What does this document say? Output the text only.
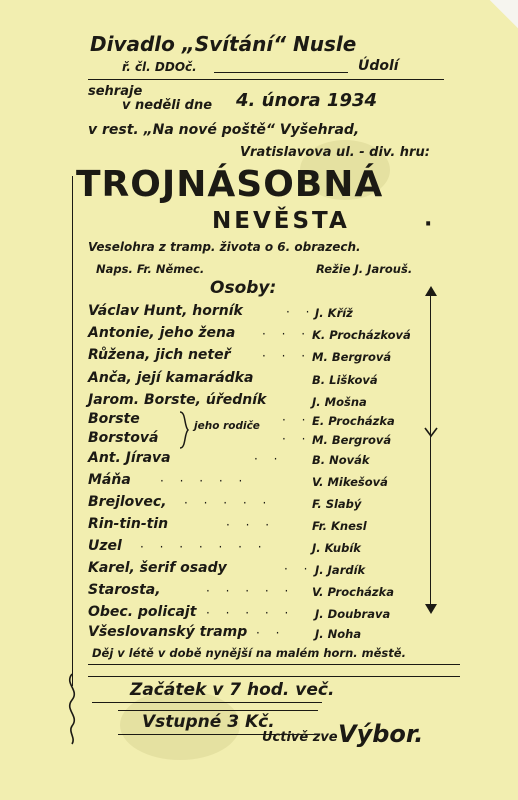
Divadlo „Svítání“ Nusle
ř. čl. DDOč.	Údolí
sehraje
v neděli dne 4. února 1934
v rest. „Na nové poště“ Vyšehrad,
Vratislavova ul. - div. hru:
TROJNÁSOBNÁ
NEVĚSTA	·
Veselohra z tramp. života o 6. obrazech.
Naps. Fr. Němec.	Režie J. Jarouš.
Osoby:
Václav Hunt, horník	· · J. Kříž
Antonie, jeho žena · · · K. Procházková
Růžena, jich neteř	· · · M. Bergrová
Anča, její kamarádka	B. Lišková
Jarom. Borste, úředník	J. Mošna
Borste	· · E. Procházka
Borstová	· · M. Bergrová
jeho rodiče
Ant. Jírava	· · B. Novák
Máňa · · · · ·	V. Mikešová
Brejlovec, · · · · ·	F. Slabý
Rin-tin-tin	· · ·	Fr. Knesl
Uzel · · · · · · ·	J. Kubík
Karel, šerif osady	· · J. Jardík
Starosta,	· · · · · V. Procházka
Obec. policajt · · · · · J. Doubrava
Všeslovanský tramp · ·	J. Noha
Děj v létě v době nynější na malém horn. městě.
Začátek v 7 hod. več.
Vstupné 3 Kč.
Uctivě zve Výbor.
